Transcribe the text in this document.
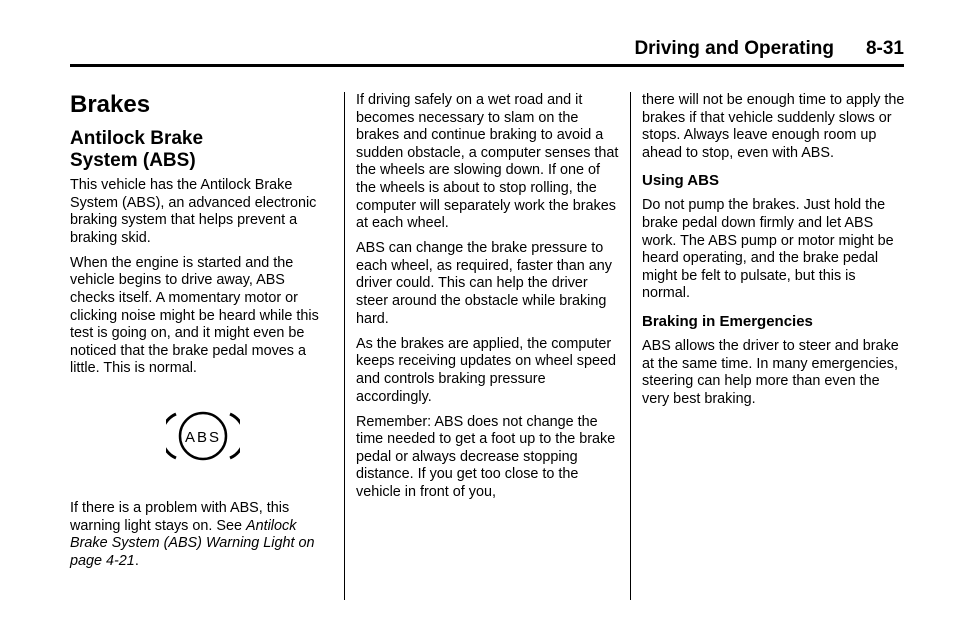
Driving and Operating 8-31
Brakes
Antilock Brake
System (ABS)

This vehicle has the Antilock Brake System (ABS), an advanced electronic braking system that helps prevent a braking skid.

When the engine is started and the vehicle begins to drive away, ABS checks itself. A momentary motor or clicking noise might be heard while this test is going on, and it might even be noticed that the brake pedal moves a little. This is normal.

ABS

If there is a problem with ABS, this warning light stays on. See Antilock Brake System (ABS) Warning Light on page 4-21.

If driving safely on a wet road and it becomes necessary to slam on the brakes and continue braking to avoid a sudden obstacle, a computer senses that the wheels are slowing down. If one of the wheels is about to stop rolling, the computer will separately work the brakes at each wheel.

ABS can change the brake pressure to each wheel, as required, faster than any driver could. This can help the driver steer around the obstacle while braking hard.

As the brakes are applied, the computer keeps receiving updates on wheel speed and controls braking pressure accordingly.

Remember: ABS does not change the time needed to get a foot up to the brake pedal or always decrease stopping distance. If you get too close to the vehicle in front of you,

there will not be enough time to apply the brakes if that vehicle suddenly slows or stops. Always leave enough room up ahead to stop, even with ABS.

Using ABS

Do not pump the brakes. Just hold the brake pedal down firmly and let ABS work. The ABS pump or motor might be heard operating, and the brake pedal might be felt to pulsate, but this is normal.

Braking in Emergencies

ABS allows the driver to steer and brake at the same time. In many emergencies, steering can help more than even the very best braking.
